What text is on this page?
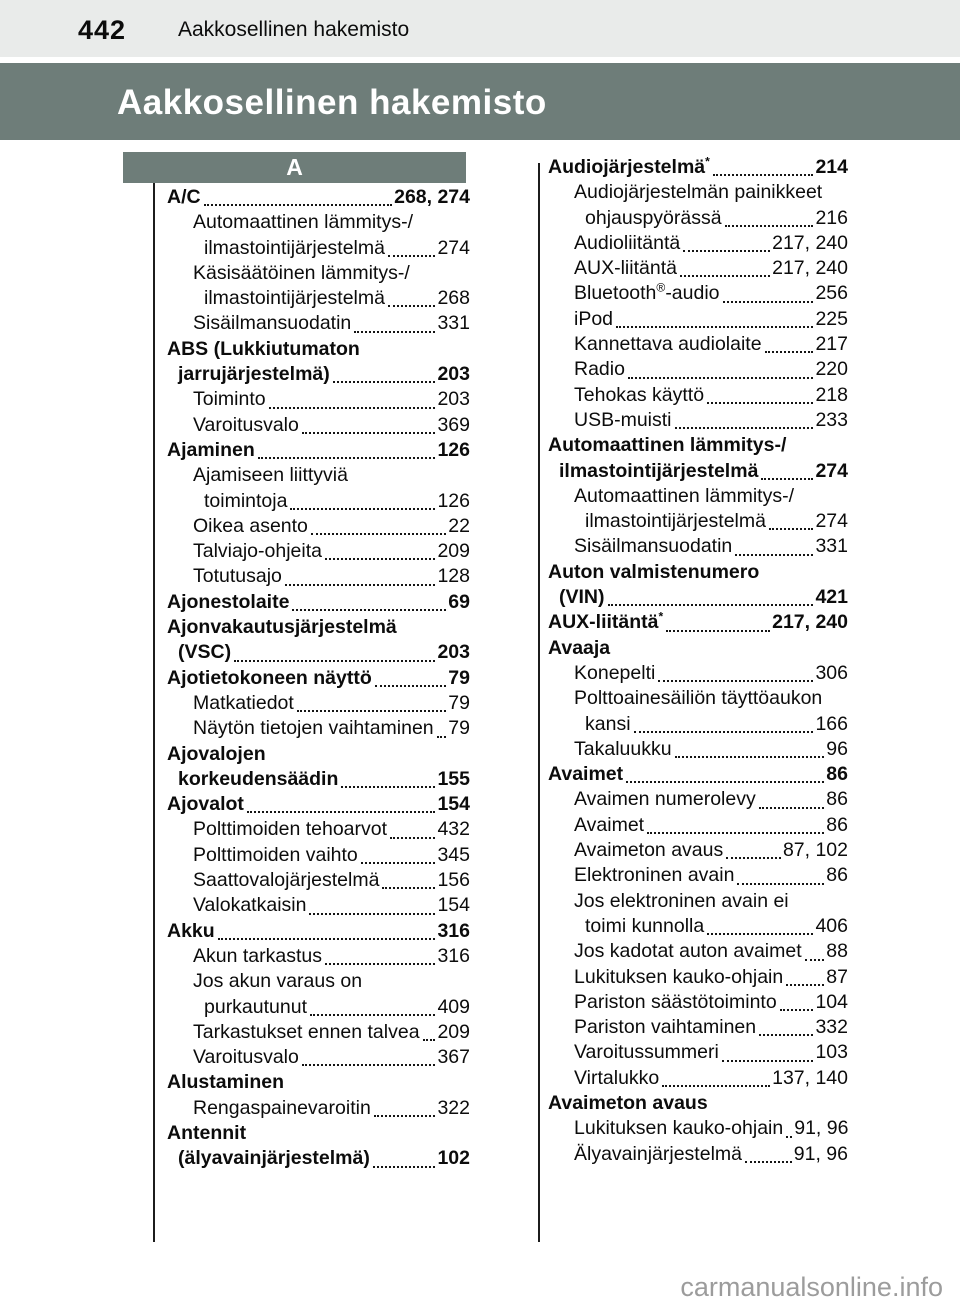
442 Aakkosellinen hakemisto
Aakkosellinen hakemisto
A
A/C	268, 274
Automaattinen lämmitys-/
ilmastointijärjestelmä	274
Käsisäätöinen lämmitys-/
ilmastointijärjestelmä	268
Sisäilmansuodatin	331
ABS (Lukkiutumaton
jarrujärjestelmä)	203
Toiminto	203
Varoitusvalo	369
Ajaminen	126
Ajamiseen liittyviä
toimintoja	126
Oikea asento	22
Talviajo-ohjeita	209
Totutusajo	128
Ajonestolaite	69
Ajonvakautusjärjestelmä
(VSC)	203
Ajotietokoneen näyttö	79
Matkatiedot	79
Näytön tietojen vaihtaminen 79
Ajovalojen
korkeudensäädin	155
Ajovalot	154
Polttimoiden tehoarvot	432
Polttimoiden vaihto	345
Saattovalojärjestelmä	156
Valokatkaisin	154
Akku	316
Akun tarkastus	316
Jos akun varaus on
purkautunut	409
Tarkastukset ennen talvea 209
Varoitusvalo	367
Alustaminen
Rengaspainevaroitin	322
Antennit
(älyavainjärjestelmä)	102
Audiojärjestelmä*	214
Audiojärjestelmän painikkeet
ohjauspyörässä	216
Audioliitäntä	217, 240
AUX-liitäntä	217, 240
Bluetooth®-audio	256
iPod	225
Kannettava audiolaite	217
Radio	220
Tehokas käyttö	218
USB-muisti	233
Automaattinen lämmitys-/
ilmastointijärjestelmä	274
Automaattinen lämmitys-/
ilmastointijärjestelmä	274
Sisäilmansuodatin	331
Auton valmistenumero
(VIN)	421
AUX-liitäntä*	217, 240
Avaaja
Konepelti	306
Polttoainesäiliön täyttöaukon
kansi	166
Takaluukku	96
Avaimet	86
Avaimen numerolevy	86
Avaimet	86
Avaimeton avaus	87, 102
Elektroninen avain	86
Jos elektroninen avain ei
toimi kunnolla	406
Jos kadotat auton avaimet 88
Lukituksen kauko-ohjain 87
Pariston säästötoiminto 104
Pariston vaihtaminen	332
Varoitussummeri	103
Virtalukko	137, 140
Avaimeton avaus
Lukituksen kauko-ohjain 91, 96
Älyavainjärjestelmä	91, 96
carmanualsonline.info
